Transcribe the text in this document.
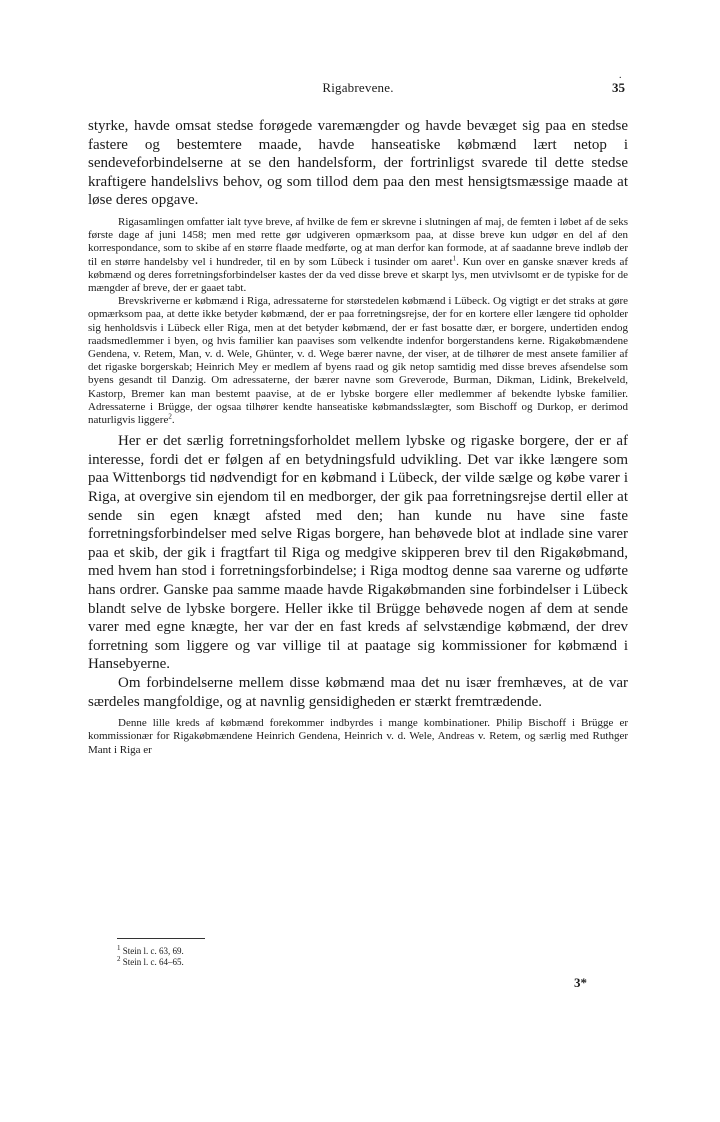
.
Rigabrevene.	35

styrke, havde omsat stedse forøgede varemængder og havde bevæget sig paa en stedse fastere og bestemtere maade, havde hanseatiske købmænd lært netop i sendeveforbindelserne at se den handelsform, der fortrinligst svarede til dette stedse kraftigere handelslivs behov, og som tillod dem paa den mest hensigtsmæssige maade at løse deres opgave.

Rigasamlingen omfatter ialt tyve breve, af hvilke de fem er skrevne i slutningen af maj, de femten i løbet af de seks første dage af juni 1458; men med rette gør udgiveren opmærksom paa, at disse breve kun udgør en del af den korrespondance, som to skibe af en større flaade medførte, og at man derfor kan formode, at af saadanne breve indløb der til en større handelsby vel i hundreder, til en by som Lübeck i tusinder om aaret$^1$. Kun over en ganske snæver kreds af købmænd og deres forretningsforbindelser kastes der da ved disse breve et skarpt lys, men utvivlsomt er de typiske for de mængder af breve, der er gaaet tabt.

Brevskriverne er købmænd i Riga, adressaterne for størstedelen købmænd i Lübeck. Og vigtigt er det straks at gøre opmærksom paa, at dette ikke betyder købmænd, der er paa forretningsrejse, der for en kortere eller længere tid opholder sig henholdsvis i Lübeck eller Riga, men at det betyder købmænd, der er fast bosatte dær, er borgere, undertiden endog raadsmedlemmer i byen, og hvis familier kan paavises som velkendte indenfor borgerstandens kerne. Rigakøbmændene Gendena, v. Retem, Man, v. d. Wele, Ghünter, v. d. Wege bærer navne, der viser, at de tilhører de mest ansete familier af det rigaske borgerskab; Heinrich Mey er medlem af byens raad og gik netop samtidig med disse breves afsendelse som byens gesandt til Danzig. Om adressaterne, der bærer navne som Greverode, Burman, Dikman, Lidink, Brekelveld, Kastorp, Bremer kan man bestemt paavise, at de er lybske borgere eller medlemmer af bekendte lybske familier. Adressaterne i Brügge, der ogsaa tilhører kendte hanseatiske købmandsslægter, som Bischoff og Durkop, er derimod naturligvis liggere$^2$.

Her er det særlig forretningsforholdet mellem lybske og rigaske borgere, der er af interesse, fordi det er følgen af en betydningsfuld udvikling. Det var ikke længere som paa Wittenborgs tid nødvendigt for en købmand i Lübeck, der vilde sælge og købe varer i Riga, at overgive sin ejendom til en medborger, der gik paa forretningsrejse dertil eller at sende sin egen knægt afsted med den; han kunde nu have sine faste forretningsforbindelser med selve Rigas borgere, han behøvede blot at indlade sine varer paa et skib, der gik i fragtfart til Riga og medgive skipperen brev til den Rigakøbmand, med hvem han stod i forretningsforbindelse; i Riga modtog denne saa varerne og udførte hans ordrer. Ganske paa samme maade havde Rigakøbmanden sine forbindelser i Lübeck blandt selve de lybske borgere. Heller ikke til Brügge behøvede nogen af dem at sende varer med egne knægte, her var der en fast kreds af selvstændige købmænd, der drev forretning som liggere og var villige til at paatage sig kommissioner for købmænd i Hansebyerne.

Om forbindelserne mellem disse købmænd maa det nu især fremhæves, at de var særdeles mangfoldige, og at navnlig gensidigheden er stærkt fremtrædende.

Denne lille kreds af købmænd forekommer indbyrdes i mange kombinationer. Philip Bischoff i Brügge er kommissionær for Rigakøbmændene Heinrich Gendena, Heinrich v. d. Wele, Andreas v. Retem, og særlig med Ruthger Mant i Riga er

$^1$ Stein l. c. 63, 69.
$^2$ Stein l. c. 64–65.
3*
